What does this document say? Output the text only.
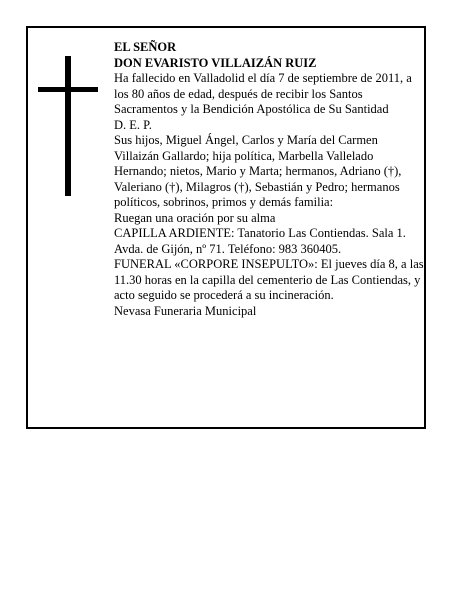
EL SEÑOR

DON EVARISTO VILLAIZÁN RUIZ

Ha fallecido en Valladolid el día 7 de septiembre de 2011, a los 80 años de edad, después de recibir los Santos Sacramentos y la Bendición Apostólica de Su Santidad

D. E. P.

Sus hijos, Miguel Ángel, Carlos y María del Carmen Villaizán Gallardo; hija política, Marbella Vallelado Hernando; nietos, Mario y Marta; hermanos, Adriano (†), Valeriano (†), Milagros (†), Sebastián y Pedro; hermanos políticos, sobrinos, primos y demás familia:

Ruegan una oración por su alma

CAPILLA ARDIENTE: Tanatorio Las Contiendas. Sala 1. Avda. de Gijón, nº 71. Teléfono: 983 360405.

FUNERAL «CORPORE INSEPULTO»: El jueves día 8, a las 11.30 horas en la capilla del cementerio de Las Contiendas, y acto seguido se procederá a su incineración.

Nevasa Funeraria Municipal
